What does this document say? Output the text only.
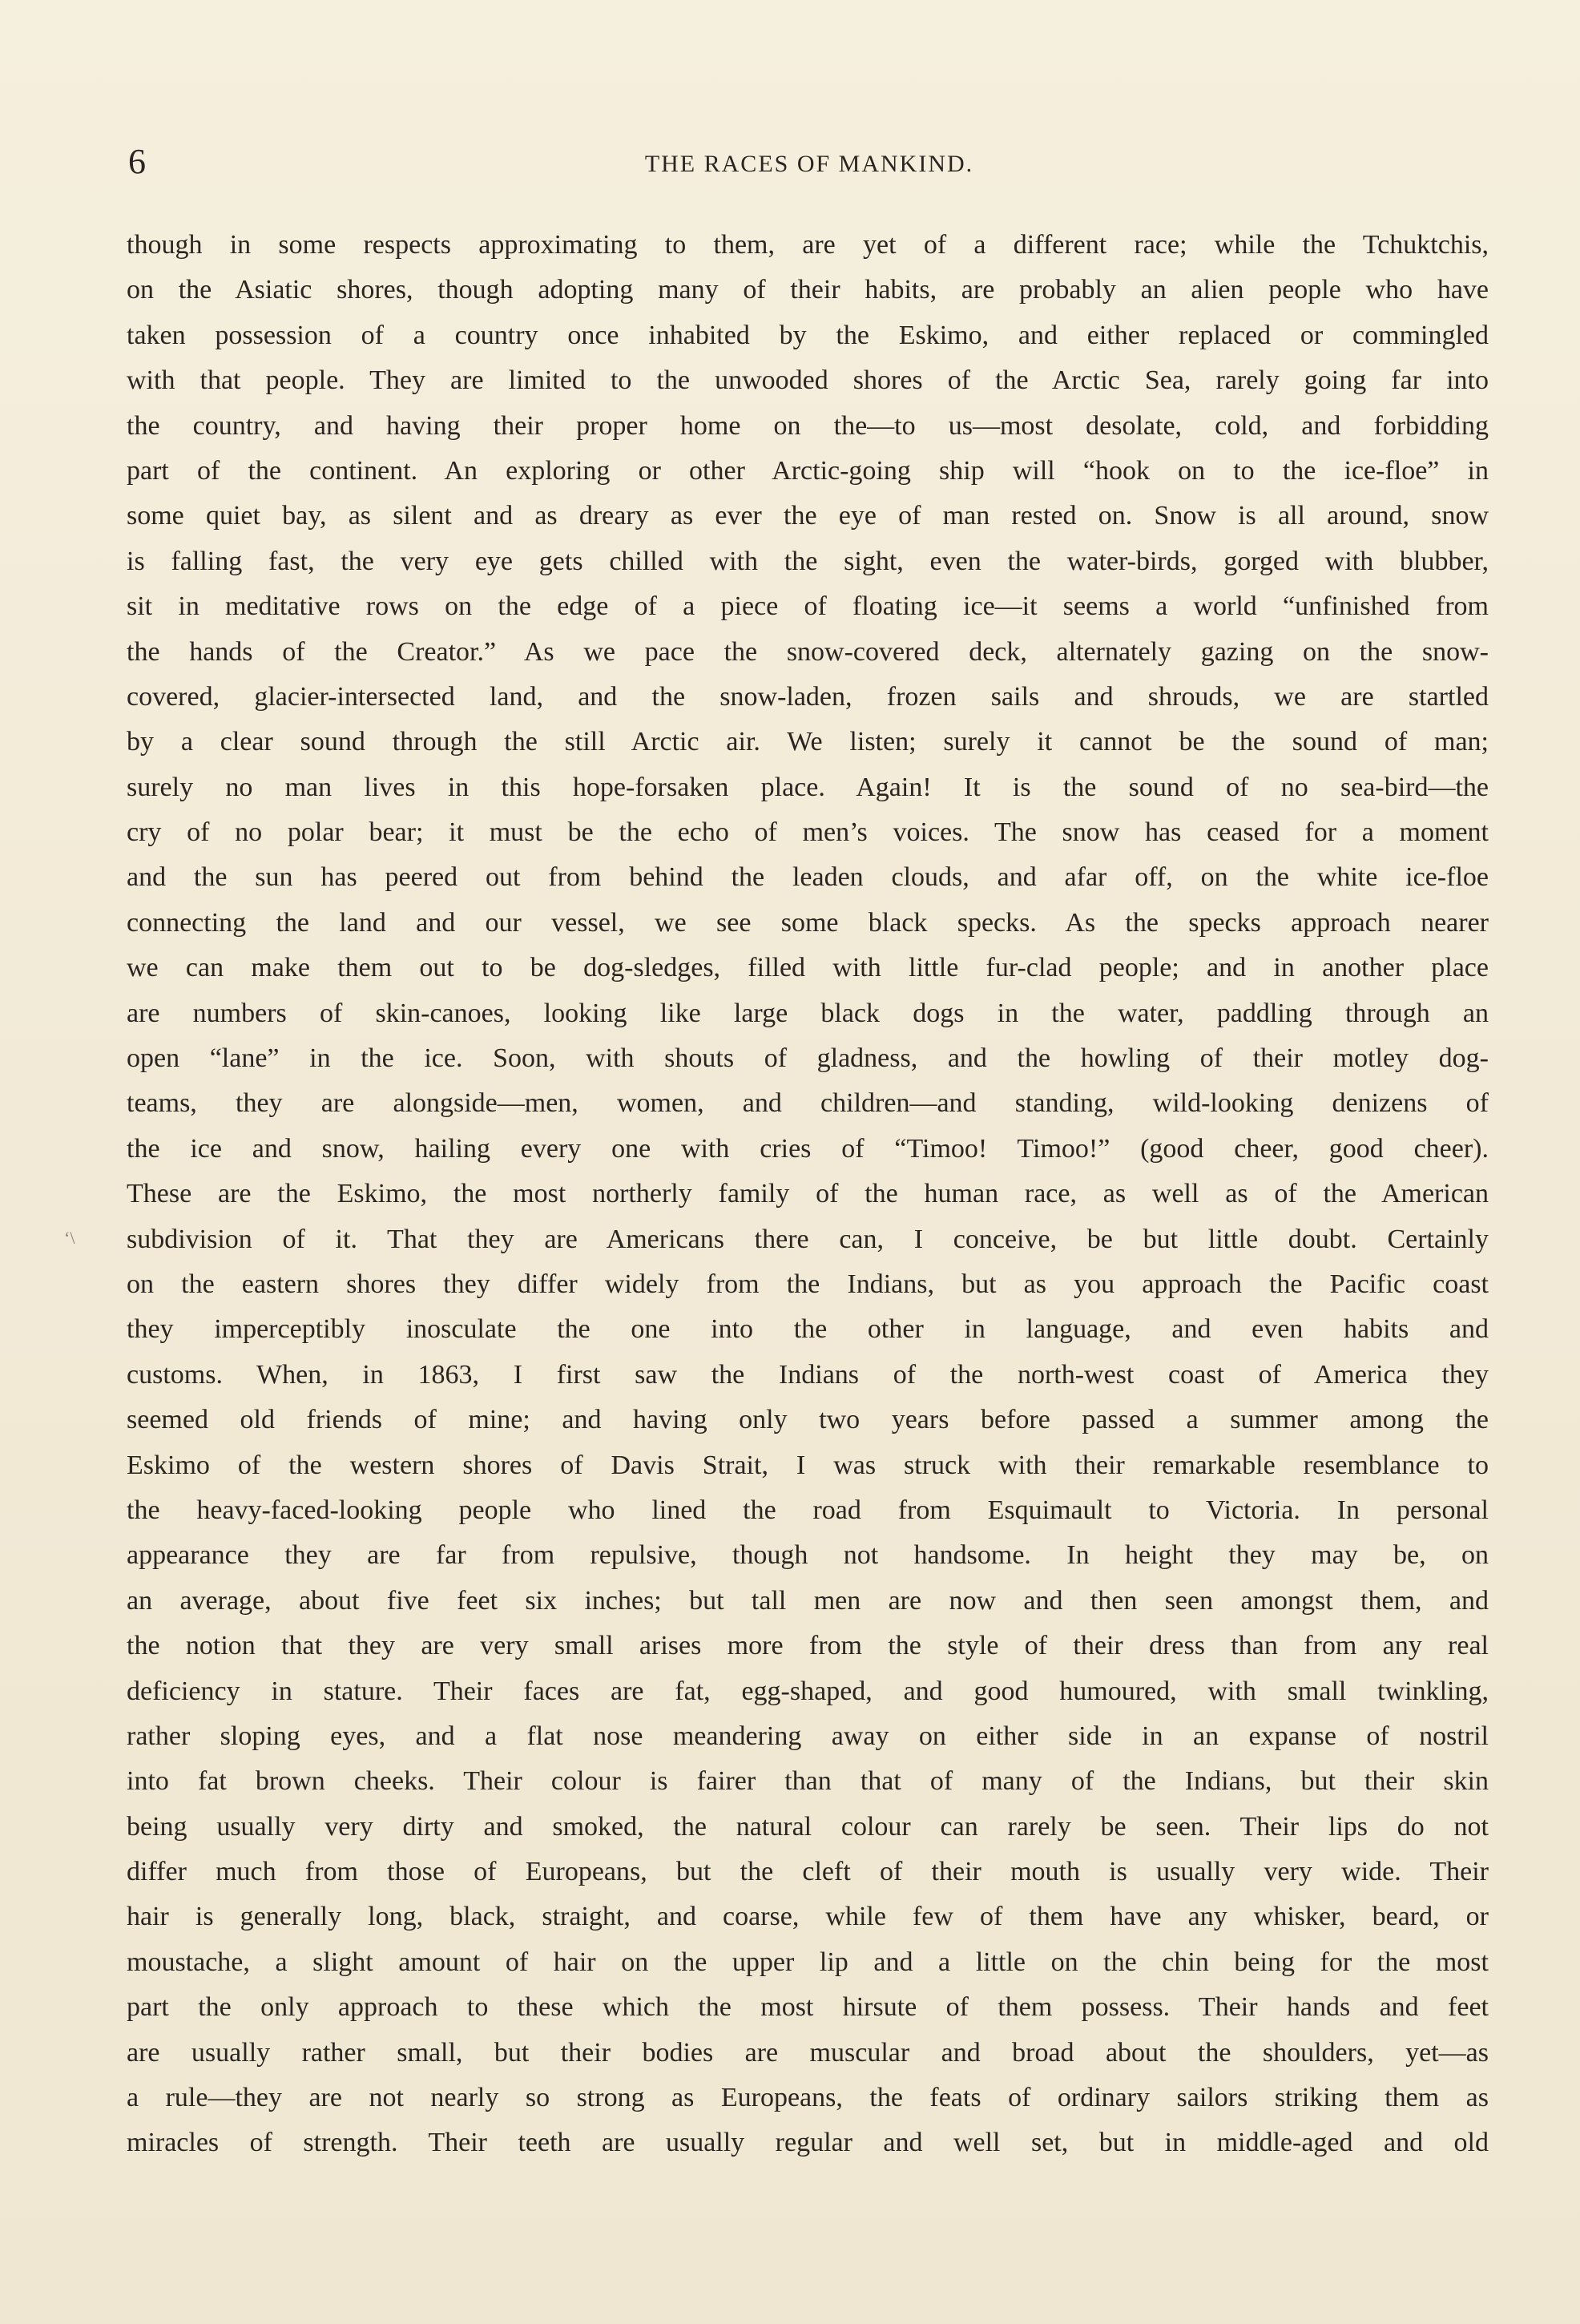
6	THE RACES OF MANKIND.
ʻ\
though in some respects approximating to them, are yet of a different race; while the Tchuktchis,
on the Asiatic shores, though adopting many of their habits, are probably an alien people who have
taken possession of a country once inhabited by the Eskimo, and either replaced or commingled
with that people. They are limited to the unwooded shores of the Arctic Sea, rarely going far into
the country, and having their proper home on the—to us—most desolate, cold, and forbidding
part of the continent. An exploring or other Arctic-going ship will “hook on to the ice-floe” in
some quiet bay, as silent and as dreary as ever the eye of man rested on. Snow is all around, snow
is falling fast, the very eye gets chilled with the sight, even the water-birds, gorged with blubber,
sit in meditative rows on the edge of a piece of floating ice—it seems a world “unfinished from
the hands of the Creator.” As we pace the snow-covered deck, alternately gazing on the snow-
covered, glacier-intersected land, and the snow-laden, frozen sails and shrouds, we are startled
by a clear sound through the still Arctic air. We listen; surely it cannot be the sound of man;
surely no man lives in this hope-forsaken place. Again! It is the sound of no sea-bird—the
cry of no polar bear; it must be the echo of men’s voices. The snow has ceased for a moment
and the sun has peered out from behind the leaden clouds, and afar off, on the white ice-floe
connecting the land and our vessel, we see some black specks. As the specks approach nearer
we can make them out to be dog-sledges, filled with little fur-clad people; and in another place
are numbers of skin-canoes, looking like large black dogs in the water, paddling through an
open “lane” in the ice. Soon, with shouts of gladness, and the howling of their motley dog-
teams, they are alongside—men, women, and children—and standing, wild-looking denizens of
the ice and snow, hailing every one with cries of “Timoo! Timoo!” (good cheer, good cheer).
These are the Eskimo, the most northerly family of the human race, as well as of the American
subdivision of it. That they are Americans there can, I conceive, be but little doubt. Certainly
on the eastern shores they differ widely from the Indians, but as you approach the Pacific coast
they imperceptibly inosculate the one into the other in language, and even habits and
customs. When, in 1863, I first saw the Indians of the north-west coast of America they
seemed old friends of mine; and having only two years before passed a summer among the
Eskimo of the western shores of Davis Strait, I was struck with their remarkable resemblance to
the heavy-faced-looking people who lined the road from Esquimault to Victoria. In personal
appearance they are far from repulsive, though not handsome. In height they may be, on
an average, about five feet six inches; but tall men are now and then seen amongst them, and
the notion that they are very small arises more from the style of their dress than from any real
deficiency in stature. Their faces are fat, egg-shaped, and good humoured, with small twinkling,
rather sloping eyes, and a flat nose meandering away on either side in an expanse of nostril
into fat brown cheeks. Their colour is fairer than that of many of the Indians, but their skin
being usually very dirty and smoked, the natural colour can rarely be seen. Their lips do not
differ much from those of Europeans, but the cleft of their mouth is usually very wide. Their
hair is generally long, black, straight, and coarse, while few of them have any whisker, beard, or
moustache, a slight amount of hair on the upper lip and a little on the chin being for the most
part the only approach to these which the most hirsute of them possess. Their hands and feet
are usually rather small, but their bodies are muscular and broad about the shoulders, yet—as
a rule—they are not nearly so strong as Europeans, the feats of ordinary sailors striking them as
miracles of strength. Their teeth are usually regular and well set, but in middle-aged and old
